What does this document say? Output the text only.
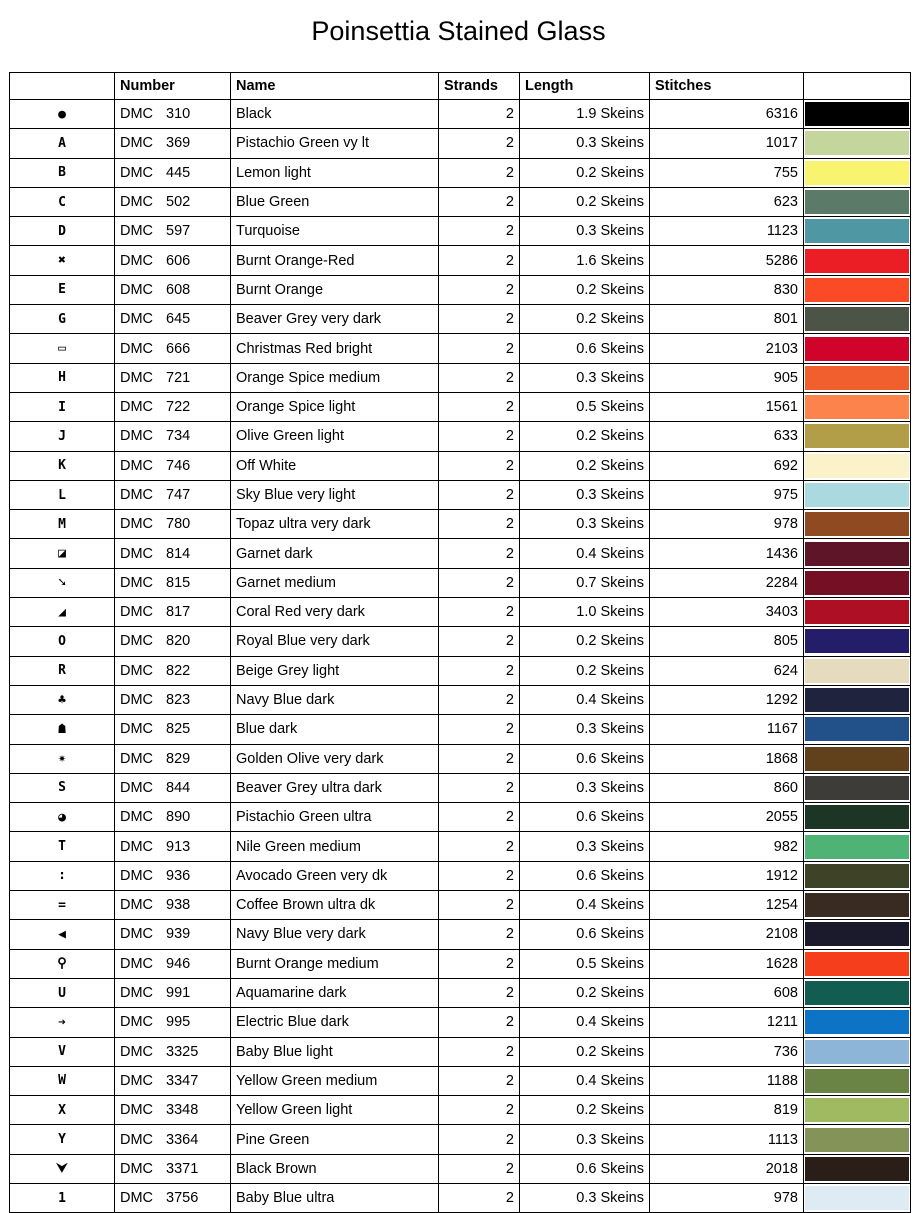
Poinsettia Stained Glass
	Number	Name	Strands	Length	Stitches	
●	DMC 310	Black	2	1.9 Skeins	6316	

A	DMC 369	Pistachio Green vy lt	2	0.3 Skeins	1017	

B	DMC 445	Lemon light	2	0.2 Skeins	755	

C	DMC 502	Blue Green	2	0.2 Skeins	623	

D	DMC 597	Turquoise	2	0.3 Skeins	1123	

✖	DMC 606	Burnt Orange-Red	2	1.6 Skeins	5286	

E	DMC 608	Burnt Orange	2	0.2 Skeins	830	

G	DMC 645	Beaver Grey very dark	2	0.2 Skeins	801	

▭	DMC 666	Christmas Red bright	2	0.6 Skeins	2103	

H	DMC 721	Orange Spice medium	2	0.3 Skeins	905	

I	DMC 722	Orange Spice light	2	0.5 Skeins	1561	

J	DMC 734	Olive Green light	2	0.2 Skeins	633	

K	DMC 746	Off White	2	0.2 Skeins	692	

L	DMC 747	Sky Blue very light	2	0.3 Skeins	975	

M	DMC 780	Topaz ultra very dark	2	0.3 Skeins	978	

◪	DMC 814	Garnet dark	2	0.4 Skeins	1436	

➘	DMC 815	Garnet medium	2	0.7 Skeins	2284	

◢	DMC 817	Coral Red very dark	2	1.0 Skeins	3403	

O	DMC 820	Royal Blue very dark	2	0.2 Skeins	805	

R	DMC 822	Beige Grey light	2	0.2 Skeins	624	

♣	DMC 823	Navy Blue dark	2	0.4 Skeins	1292	

☗	DMC 825	Blue dark	2	0.3 Skeins	1167	

✷	DMC 829	Golden Olive very dark	2	0.6 Skeins	1868	

S	DMC 844	Beaver Grey ultra dark	2	0.3 Skeins	860	

◕	DMC 890	Pistachio Green ultra	2	0.6 Skeins	2055	

T	DMC 913	Nile Green medium	2	0.3 Skeins	982	

:	DMC 936	Avocado Green very dk	2	0.6 Skeins	1912	

=	DMC 938	Coffee Brown ultra dk	2	0.4 Skeins	1254	

◀	DMC 939	Navy Blue very dark	2	0.6 Skeins	2108	

⚲	DMC 946	Burnt Orange medium	2	0.5 Skeins	1628	

U	DMC 991	Aquamarine dark	2	0.2 Skeins	608	

➔	DMC 995	Electric Blue dark	2	0.4 Skeins	1211	

V	DMC 3325	Baby Blue light	2	0.2 Skeins	736	

W	DMC 3347	Yellow Green medium	2	0.4 Skeins	1188	

X	DMC 3348	Yellow Green light	2	0.2 Skeins	819	

Y	DMC 3364	Pine Green	2	0.3 Skeins	1113	

⮟	DMC 3371	Black Brown	2	0.6 Skeins	2018	

1	DMC 3756	Baby Blue ultra	2	0.3 Skeins	978	
